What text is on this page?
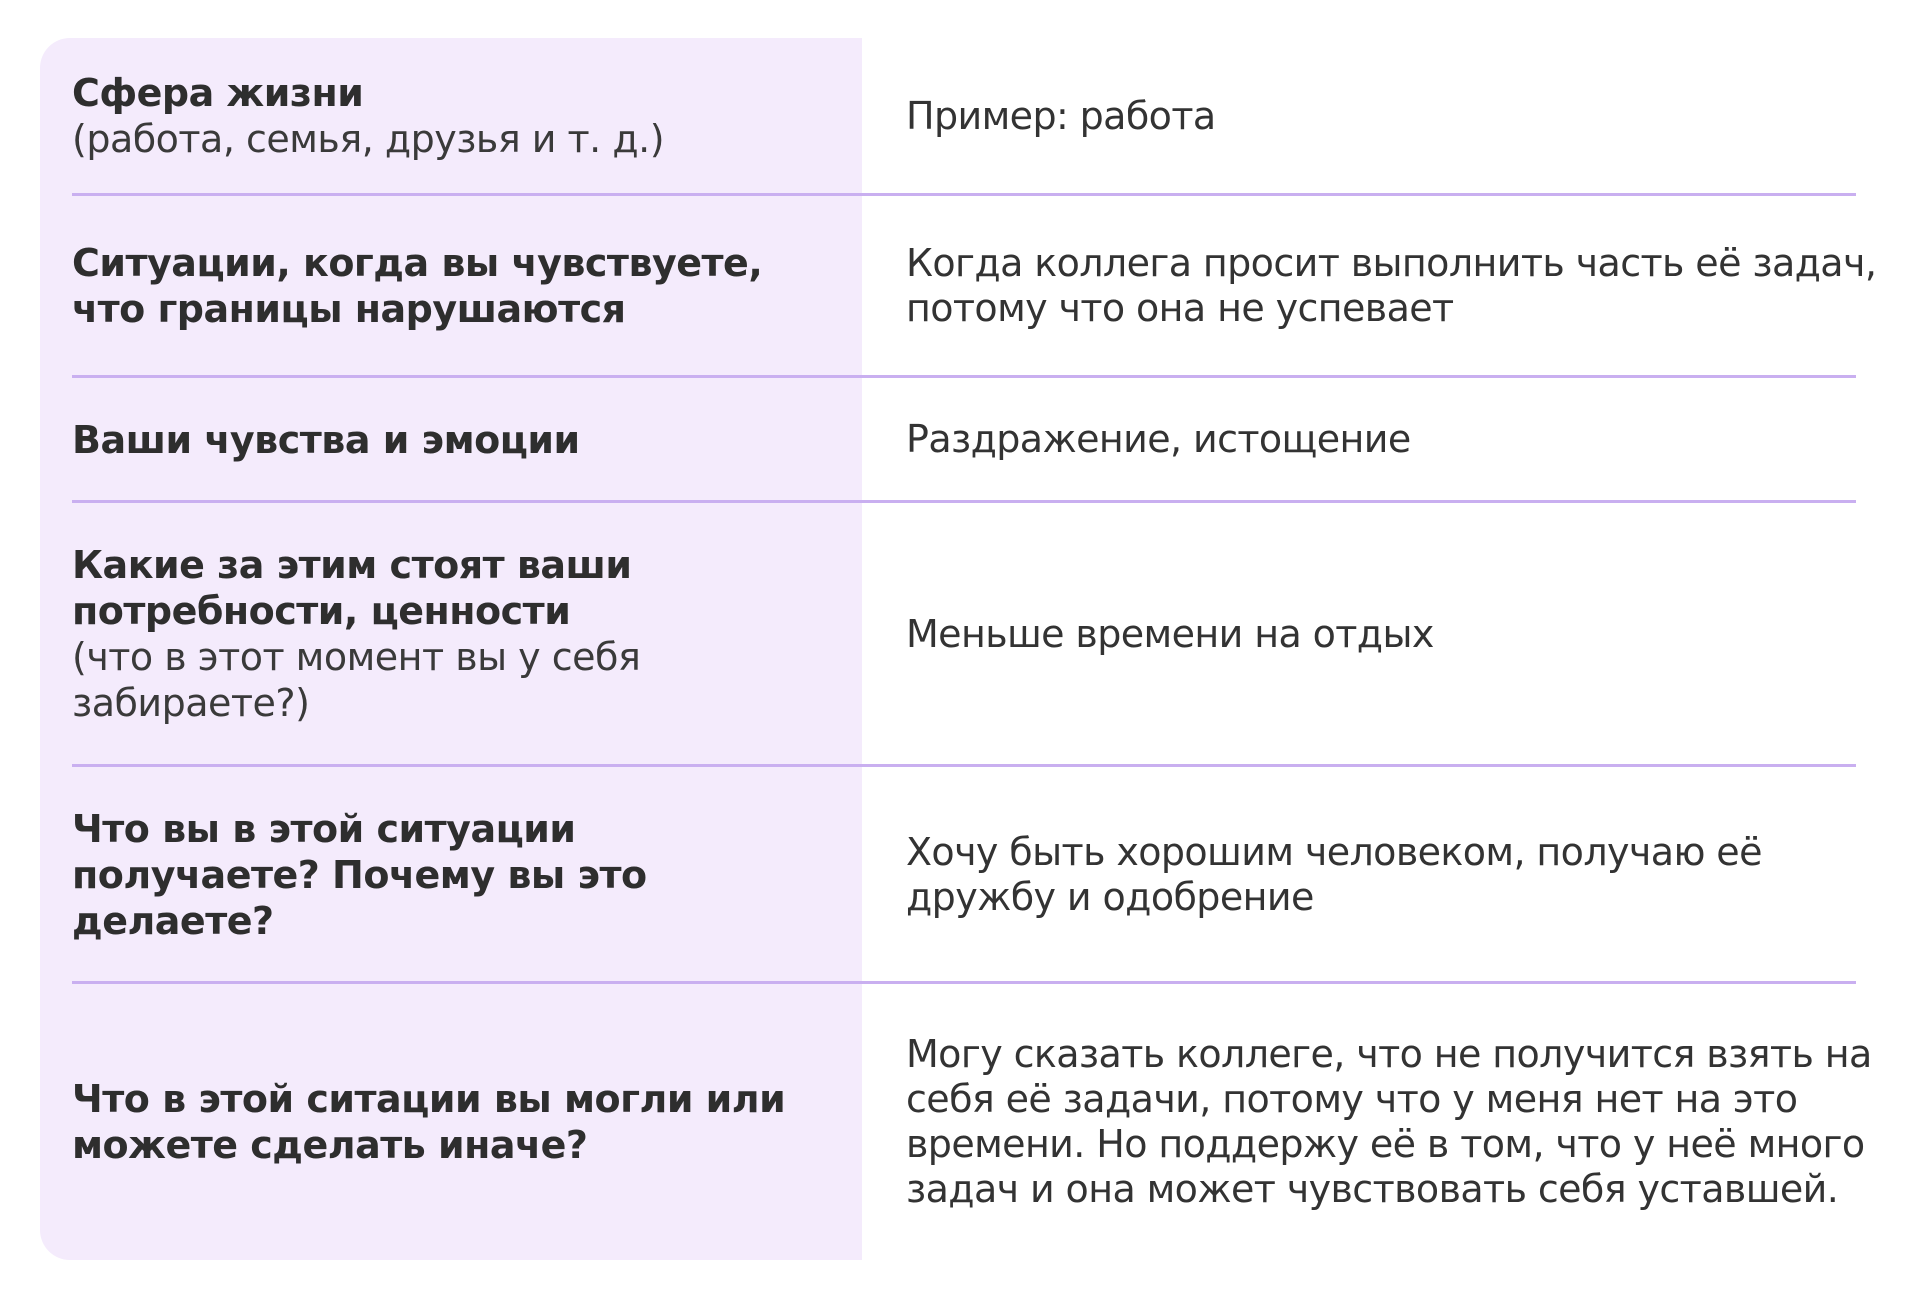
Сфера жизни
(работа, семья, друзья и т. д.)
Пример: работа
Ситуации, когда вы чувствуете, что границы нарушаются
Когда коллега просит выполнить часть её задач, потому что она не успевает
Ваши чувства и эмоции	Раздражение, истощение
Какие за этим стоят ваши потребности, ценности
(что в этот момент вы у себя забираете?)
Меньше времени на отдых
Что вы в этой ситуации получаете? Почему вы это делаете?
Хочу быть хорошим человеком, получаю её дружбу и одобрение
Что в этой ситации вы могли или можете сделать иначе?
Могу сказать коллеге, что не получится взять на себя её задачи, потому что у меня нет на это времени. Но поддержу её в том, что у неё много задач и она может чувствовать себя уставшей.
